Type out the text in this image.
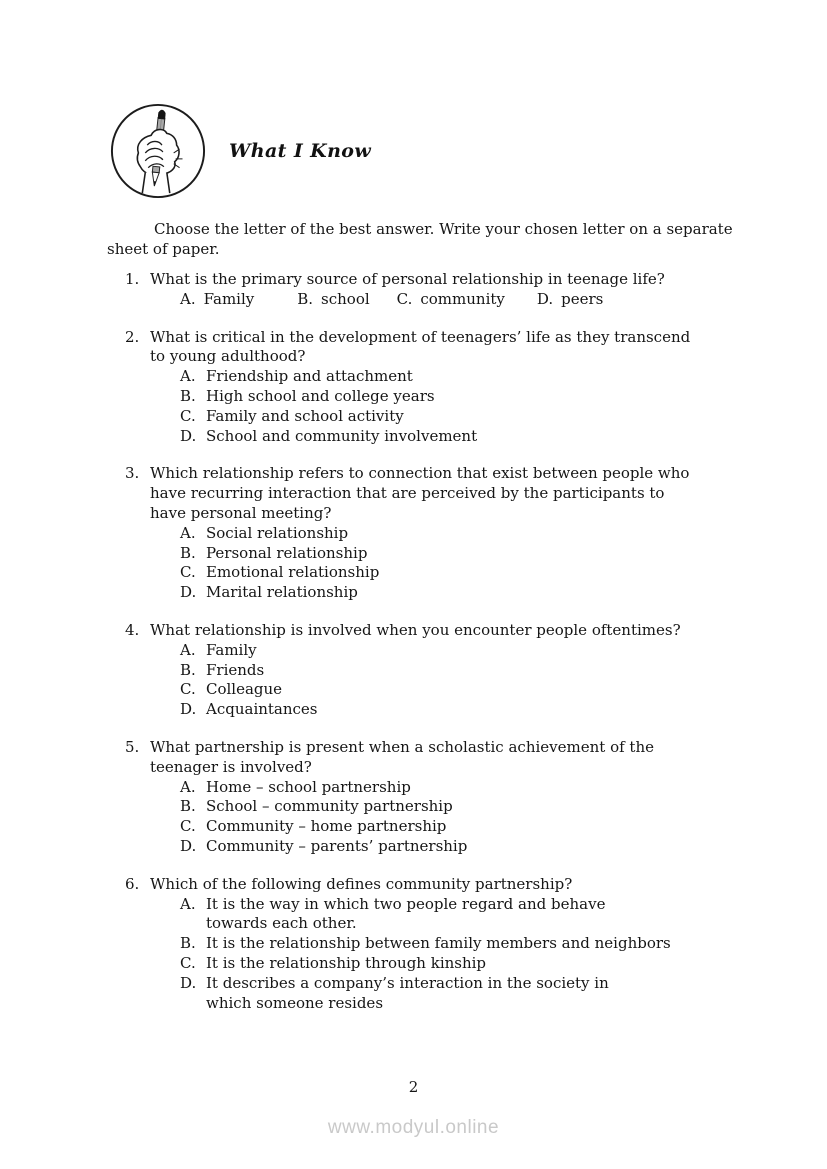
What I Know
Choose the letter of the best answer. Write your chosen letter on a separate
sheet of paper.
1. What is the primary source of personal relationship in teenage life?
A. Family	B. school C. community D. peers
2. What is critical in the development of teenagers’ life as they transcend
to young adulthood?
A. Friendship and attachment
B. High school and college years
C. Family and school activity
D. School and community involvement
3. Which relationship refers to connection that exist between people who
have recurring interaction that are perceived by the participants to
have personal meeting?
A. Social relationship
B. Personal relationship
C. Emotional relationship
D. Marital relationship
4. What relationship is involved when you encounter people oftentimes?
A. Family
B. Friends
C. Colleague
D. Acquaintances
5. What partnership is present when a scholastic achievement of the
teenager is involved?
A. Home – school partnership
B. School – community partnership
C. Community – home partnership
D. Community – parents’ partnership
6. Which of the following defines community partnership?
A. It is the way in which two people regard and behave
towards each other.
B. It is the relationship between family members and neighbors
C. It is the relationship through kinship
D. It describes a company’s interaction in the society in
which someone resides
2
www.modyul.online
